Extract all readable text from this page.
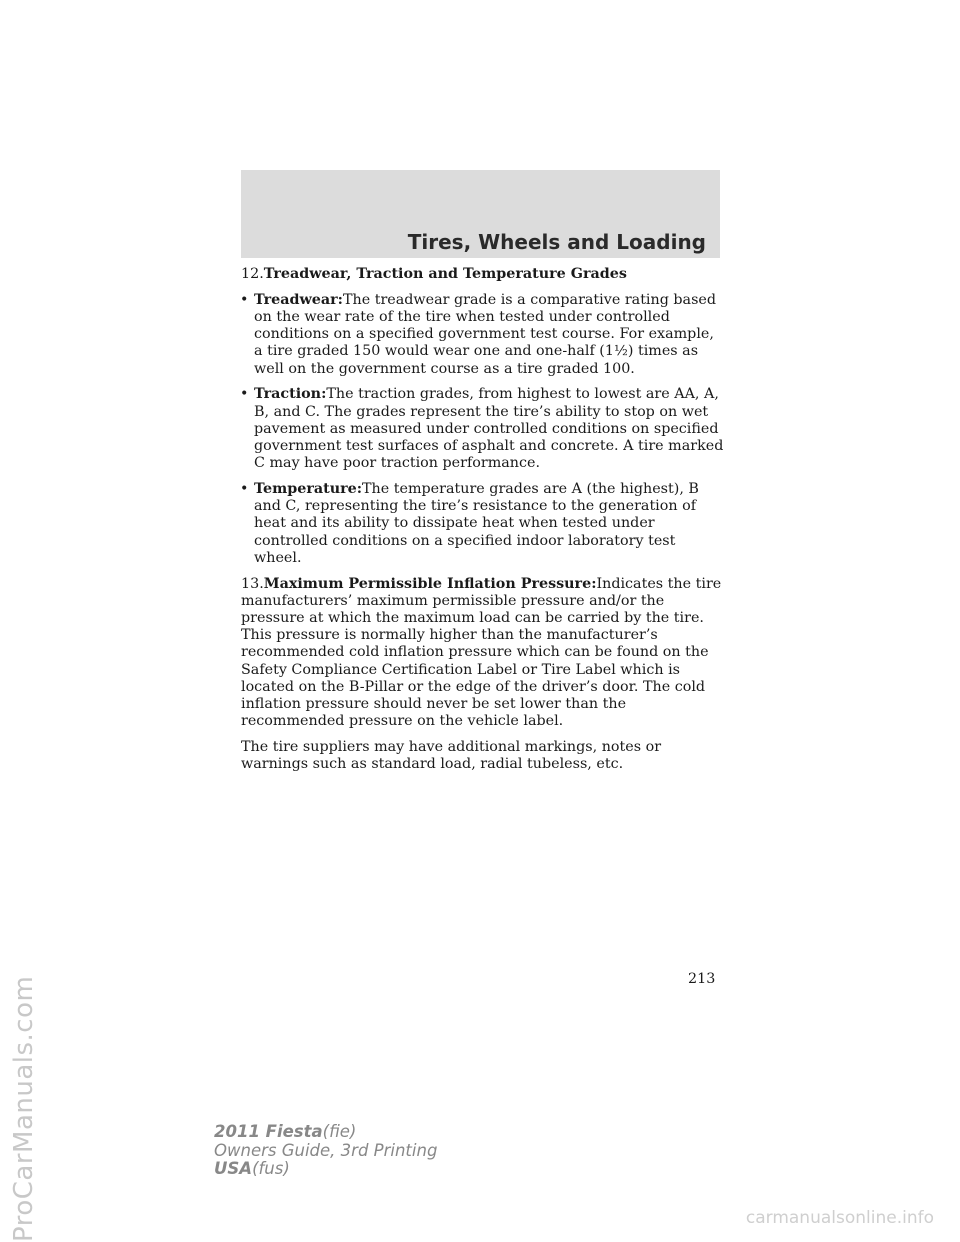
ProCarManuals.com
Tires, Wheels and Loading

12.Treadwear, Traction and Temperature Grades

• Treadwear:The treadwear grade is a comparative rating based on the wear rate of the tire when tested under controlled conditions on a specified government test course. For example, a tire graded 150 would wear one and one-half (1½) times as well on the government course as a tire graded 100.
• Traction:The traction grades, from highest to lowest are AA, A, B, and C. The grades represent the tire’s ability to stop on wet pavement as measured under controlled conditions on specified government test surfaces of asphalt and concrete. A tire marked C may have poor traction performance.
• Temperature:The temperature grades are A (the highest), B and C, representing the tire’s resistance to the generation of heat and its ability to dissipate heat when tested under controlled conditions on a specified indoor laboratory test wheel.

13.Maximum Permissible Inflation Pressure:Indicates the tire manufacturers’ maximum permissible pressure and/or the pressure at which the maximum load can be carried by the tire. This pressure is normally higher than the manufacturer’s recommended cold inflation pressure which can be found on the Safety Compliance Certification Label or Tire Label which is located on the B-Pillar or the edge of the driver’s door. The cold inflation pressure should never be set lower than the recommended pressure on the vehicle label.

The tire suppliers may have additional markings, notes or warnings such as standard load, radial tubeless, etc.

213
2011 Fiesta(fie)
Owners Guide, 3rd Printing
USA(fus)
carmanualsonline.info
